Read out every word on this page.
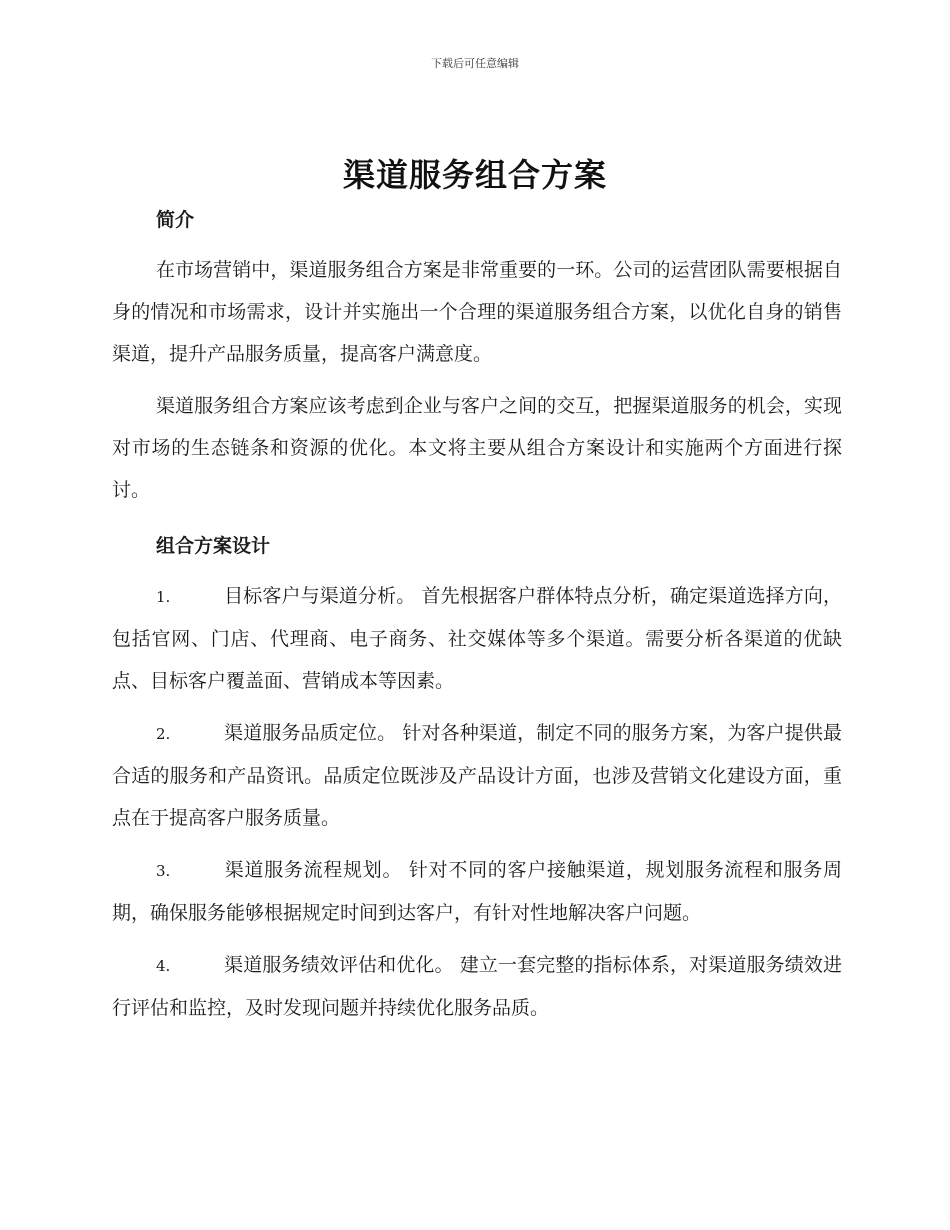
下载后可任意编辑
渠道服务组合方案
简介

在市场营销中，渠道服务组合方案是非常重要的一环。公司的运营团队需要根据自身的情况和市场需求，设计并实施出一个合理的渠道服务组合方案，以优化自身的销售渠道，提升产品服务质量，提高客户满意度。

渠道服务组合方案应该考虑到企业与客户之间的交互，把握渠道服务的机会，实现对市场的生态链条和资源的优化。本文将主要从组合方案设计和实施两个方面进行探讨。

组合方案设计

1.	目标客户与渠道分析。 首先根据客户群体特点分析，确定渠道选择方向，包括官网、门店、代理商、电子商务、社交媒体等多个渠道。需要分析各渠道的优缺点、目标客户覆盖面、营销成本等因素。

2.	渠道服务品质定位。 针对各种渠道，制定不同的服务方案，为客户提供最合适的服务和产品资讯。品质定位既涉及产品设计方面，也涉及营销文化建设方面，重点在于提高客户服务质量。

3.	渠道服务流程规划。 针对不同的客户接触渠道，规划服务流程和服务周期，确保服务能够根据规定时间到达客户，有针对性地解决客户问题。

4.	渠道服务绩效评估和优化。 建立一套完整的指标体系，对渠道服务绩效进行评估和监控，及时发现问题并持续优化服务品质。
